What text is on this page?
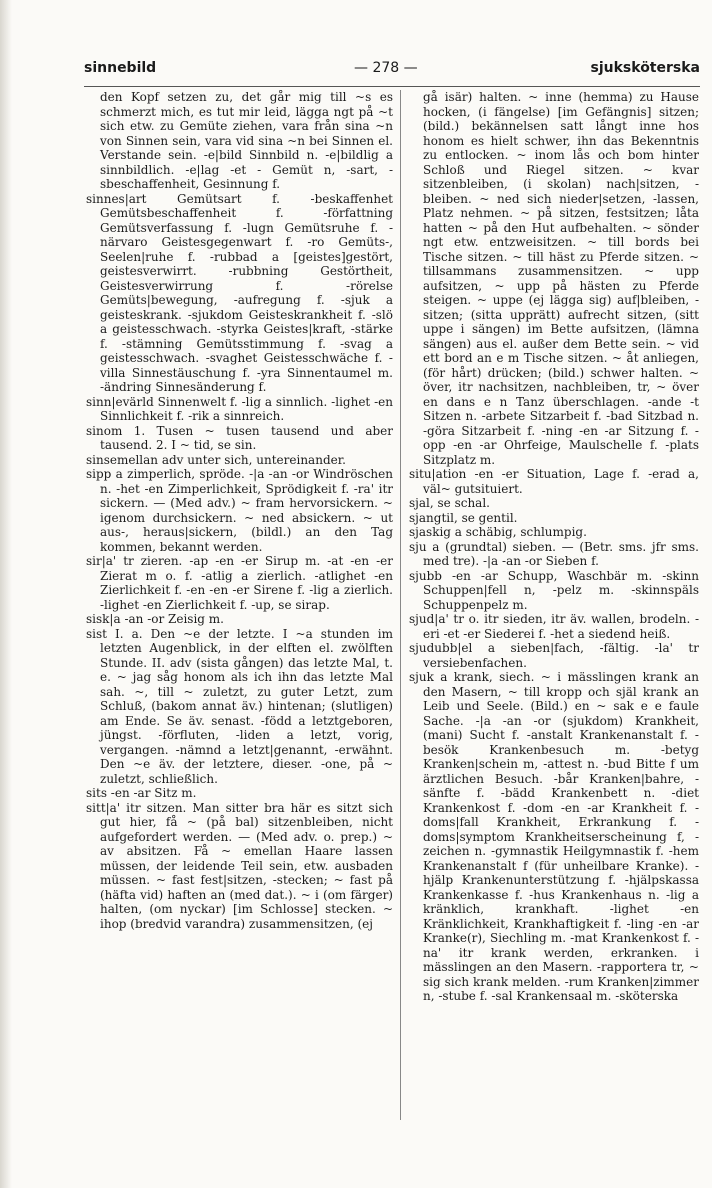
sinnebild	— 278 —	sjuksköterska

den Kopf setzen zu, det går mig till ~s es schmerzt mich, es tut mir leid, lägga ngt på ~t sich etw. zu Gemüte ziehen, vara från sina ~n von Sinnen sein, vara vid sina ~n bei Sinnen el. Verstande sein. -e|bild Sinnbild n. -e|bildlig a sinnbildlich. -e|lag -et - Gemüt n, -sart, -sbeschaffenheit, Gesinnung f.

sinnes|art Gemütsart f. -beskaffenhet Gemütsbeschaffenheit f. -författning Gemütsverfassung f. -lugn Gemütsruhe f. -närvaro Geistesgegenwart f. -ro Gemüts-, Seelen|ruhe f. -rubbad a [geistes]gestört, geistesverwirrt. -rubbning Gestörtheit, Geistesverwirrung f. -rörelse Gemüts|bewegung, -aufregung f. -sjuk a geisteskrank. -sjukdom Geisteskrankheit f. -slö a geistesschwach. -styrka Geistes|kraft, -stärke f. -stämning Gemütsstimmung f. -svag a geistesschwach. -svaghet Geistesschwäche f. -villa Sinnestäuschung f. -yra Sinnentaumel m. -ändring Sinnesänderung f.

sinn|evärld Sinnenwelt f. -lig a sinnlich. -lighet -en Sinnlichkeit f. -rik a sinnreich.

sinom 1. Tusen ~ tusen tausend und aber tausend. 2. I ~ tid, se sin.

sinsemellan adv unter sich, untereinander.

sipp a zimperlich, spröde. -|a -an -or Windröschen n. -het -en Zimperlichkeit, Sprödigkeit f. -ra' itr sickern. — (Med adv.) ~ fram hervorsickern. ~ igenom durchsickern. ~ ned absickern. ~ ut aus-, heraus|sickern, (bildl.) an den Tag kommen, bekannt werden.

sir|a' tr zieren. -ap -en -er Sirup m. -at -en -er Zierat m o. f. -atlig a zierlich. -atlighet -en Zierlichkeit f. -en -en -er Sirene f. -lig a zierlich. -lighet -en Zierlichkeit f. -up, se sirap.

sisk|a -an -or Zeisig m.

sist I. a. Den ~e der letzte. I ~a stunden im letzten Augenblick, in der elften el. zwölften Stunde. II. adv (sista gången) das letzte Mal, t. e. ~ jag såg honom als ich ihn das letzte Mal sah. ~, till ~ zuletzt, zu guter Letzt, zum Schluß, (bakom annat äv.) hintenan; (slutligen) am Ende. Se äv. senast. -född a letztgeboren, jüngst. -förfluten, -liden a letzt, vorig, vergangen. -nämnd a letzt|genannt, -erwähnt. Den ~e äv. der letztere, dieser. -one, på ~ zuletzt, schließlich.

sits -en -ar Sitz m.

sitt|a' itr sitzen. Man sitter bra här es sitzt sich gut hier, få ~ (på bal) sitzenbleiben, nicht aufgefordert werden. — (Med adv. o. prep.) ~ av absitzen. Få ~ emellan Haare lassen müssen, der leidende Teil sein, etw. ausbaden müssen. ~ fast fest|sitzen, -stecken; ~ fast på (häfta vid) haften an (med dat.). ~ i (om färger) halten, (om nyckar) [im Schlosse] stecken. ~ ihop (bredvid varandra) zusammensitzen, (ej

gå isär) halten. ~ inne (hemma) zu Hause hocken, (i fängelse) [im Gefängnis] sitzen; (bild.) bekännelsen satt långt inne hos honom es hielt schwer, ihn das Bekenntnis zu entlocken. ~ inom lås och bom hinter Schloß und Riegel sitzen. ~ kvar sitzenbleiben, (i skolan) nach|sitzen, -bleiben. ~ ned sich nieder|setzen, -lassen, Platz nehmen. ~ på sitzen, festsitzen; låta hatten ~ på den Hut aufbehalten. ~ sönder ngt etw. entzweisitzen. ~ till bords bei Tische sitzen. ~ till häst zu Pferde sitzen. ~ tillsammans zusammensitzen. ~ upp aufsitzen, ~ upp på hästen zu Pferde steigen. ~ uppe (ej lägga sig) auf|bleiben, -sitzen; (sitta upprätt) aufrecht sitzen, (sitt uppe i sängen) im Bette aufsitzen, (lämna sängen) aus el. außer dem Bette sein. ~ vid ett bord an e m Tische sitzen. ~ åt anliegen, (för hårt) drücken; (bild.) schwer halten. ~ över, itr nachsitzen, nachbleiben, tr, ~ över en dans e n Tanz überschlagen. -ande -t Sitzen n. -arbete Sitzarbeit f. -bad Sitzbad n. -göra Sitzarbeit f. -ning -en -ar Sitzung f. -opp -en -ar Ohrfeige, Maulschelle f. -plats Sitzplatz m.

situ|ation -en -er Situation, Lage f. -erad a, väl~ gutsituiert.

sjal, se schal.

sjangtil, se gentil.

sjaskig a schäbig, schlumpig.

sju a (grundtal) sieben. — (Betr. sms. jfr sms. med tre). -|a -an -or Sieben f.

sjubb -en -ar Schupp, Waschbär m. -skinn Schuppen|fell n, -pelz m. -skinnspäls Schuppenpelz m.

sjud|a' tr o. itr sieden, itr äv. wallen, brodeln. -eri -et -er Siederei f. -het a siedend heiß.

sjudubb|el a sieben|fach, -fältig. -la' tr versiebenfachen.

sjuk a krank, siech. ~ i mässlingen krank an den Masern, ~ till kropp och själ krank an Leib und Seele. (Bild.) en ~ sak e e faule Sache. -|a -an -or (sjukdom) Krankheit, (mani) Sucht f. -anstalt Krankenanstalt f. -besök Krankenbesuch m. -betyg Kranken|schein m, -attest n. -bud Bitte f um ärztlichen Besuch. -bår Kranken|bahre, -sänfte f. -bädd Krankenbett n. -diet Krankenkost f. -dom -en -ar Krankheit f. -doms|fall Krankheit, Erkrankung f. -doms|symptom Krankheitserscheinung f, -zeichen n. -gymnastik Heilgymnastik f. -hem Krankenanstalt f (für unheilbare Kranke). -hjälp Krankenunterstützung f. -hjälpskassa Krankenkasse f. -hus Krankenhaus n. -lig a kränklich, krankhaft. -lighet -en Kränklichkeit, Krankhaftigkeit f. -ling -en -ar Kranke(r), Siechling m. -mat Krankenkost f. -na' itr krank werden, erkranken. i mässlingen an den Masern. -rapportera tr, ~ sig sich krank melden. -rum Kranken|zimmer n, -stube f. -sal Krankensaal m. -sköterska
